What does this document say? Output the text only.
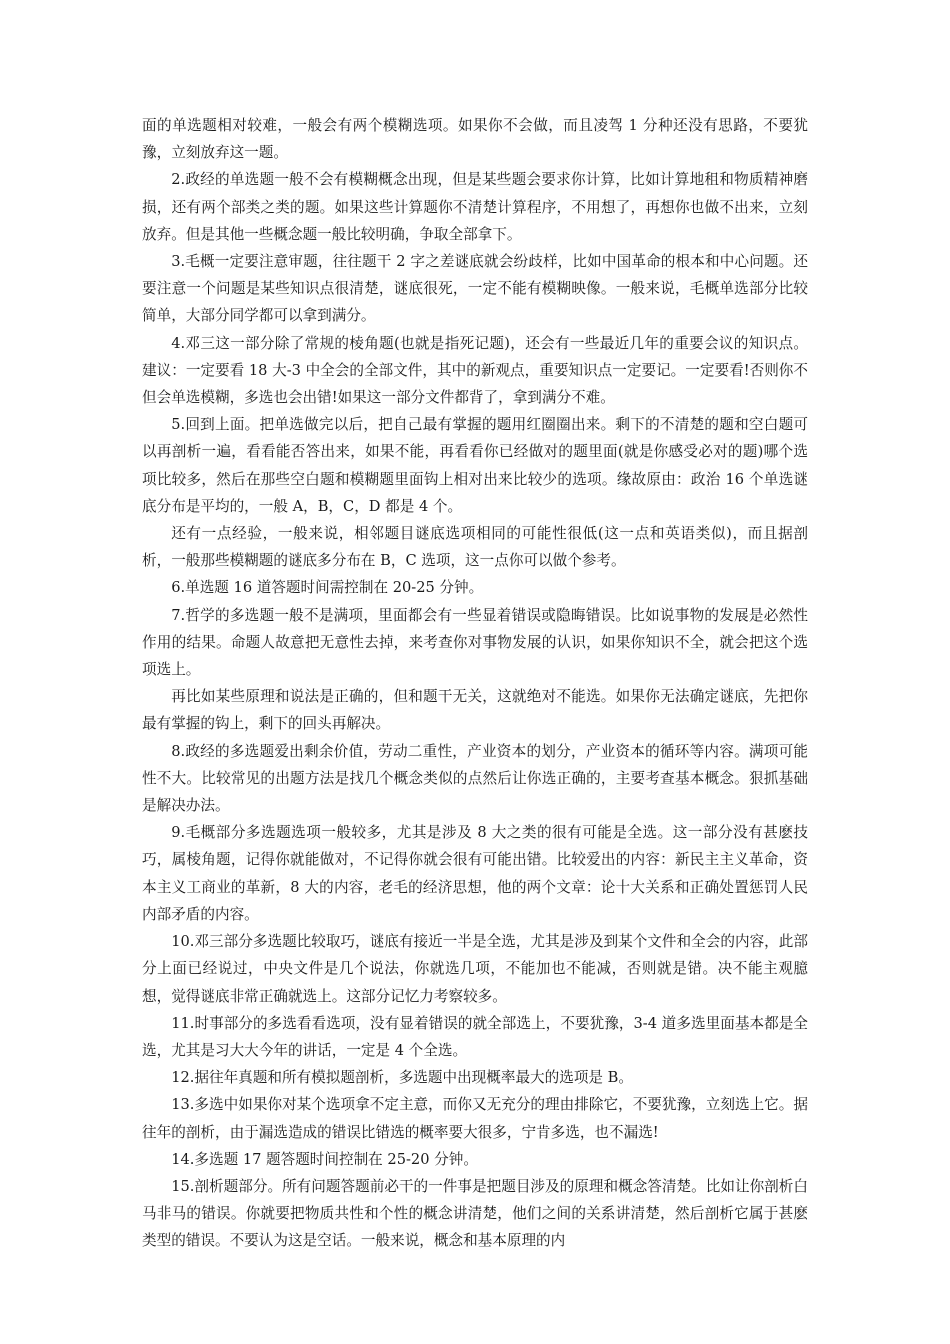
面的单选题相对较难，一般会有两个模糊选项。如果你不会做，而且凌驾 1 分种还没有思路，不要犹豫，立刻放弃这一题。

2.政经的单选题一般不会有模糊概念出现，但是某些题会要求你计算，比如计算地租和物质精神磨损，还有两个部类之类的题。如果这些计算题你不清楚计算程序，不用想了，再想你也做不出来，立刻放弃。但是其他一些概念题一般比较明确，争取全部拿下。

3.毛概一定要注意审题，往往题干 2 字之差谜底就会纷歧样，比如中国革命的根本和中心问题。还要注意一个问题是某些知识点很清楚，谜底很死，一定不能有模糊映像。一般来说，毛概单选部分比较简单，大部分同学都可以拿到满分。

4.邓三这一部分除了常规的棱角题(也就是指死记题)，还会有一些最近几年的重要会议的知识点。建议：一定要看 18 大-3 中全会的全部文件，其中的新观点，重要知识点一定要记。一定要看!否则你不但会单选模糊，多选也会出错!如果这一部分文件都背了，拿到满分不难。

5.回到上面。把单选做完以后，把自己最有掌握的题用红圈圈出来。剩下的不清楚的题和空白题可以再剖析一遍，看看能否答出来，如果不能，再看看你已经做对的题里面(就是你感受必对的题)哪个选项比较多，然后在那些空白题和模糊题里面钩上相对出来比较少的选项。缘故原由：政治 16 个单选谜底分布是平均的，一般 A，B，C，D 都是 4 个。

还有一点经验，一般来说，相邻题目谜底选项相同的可能性很低(这一点和英语类似)，而且据剖析，一般那些模糊题的谜底多分布在 B，C 选项，这一点你可以做个参考。

6.单选题 16 道答题时间需控制在 20-25 分钟。

7.哲学的多选题一般不是满项，里面都会有一些显着错误或隐晦错误。比如说事物的发展是必然性作用的结果。命题人故意把无意性去掉，来考查你对事物发展的认识，如果你知识不全，就会把这个选项选上。

再比如某些原理和说法是正确的，但和题干无关，这就绝对不能选。如果你无法确定谜底，先把你最有掌握的钩上，剩下的回头再解决。

8.政经的多选题爱出剩余价值，劳动二重性，产业资本的划分，产业资本的循环等内容。满项可能性不大。比较常见的出题方法是找几个概念类似的点然后让你选正确的，主要考查基本概念。狠抓基础是解决办法。

9.毛概部分多选题选项一般较多，尤其是涉及 8 大之类的很有可能是全选。这一部分没有甚麽技巧，属棱角题，记得你就能做对，不记得你就会很有可能出错。比较爱出的内容：新民主主义革命，资本主义工商业的革新，8 大的内容，老毛的经济思想，他的两个文章：论十大关系和正确处置惩罚人民内部矛盾的内容。

10.邓三部分多选题比较取巧，谜底有接近一半是全选，尤其是涉及到某个文件和全会的内容，此部分上面已经说过，中央文件是几个说法，你就选几项，不能加也不能减，否则就是错。决不能主观臆想，觉得谜底非常正确就选上。这部分记忆力考察较多。

11.时事部分的多选看看选项，没有显着错误的就全部选上，不要犹豫，3-4 道多选里面基本都是全选，尤其是习大大今年的讲话，一定是 4 个全选。

12.据往年真题和所有模拟题剖析，多选题中出现概率最大的选项是 B。

13.多选中如果你对某个选项拿不定主意，而你又无充分的理由排除它，不要犹豫，立刻选上它。据往年的剖析，由于漏选造成的错误比错选的概率要大很多，宁肯多选，也不漏选!

14.多选题 17 题答题时间控制在 25-20 分钟。

15.剖析题部分。所有问题答题前必干的一件事是把题目涉及的原理和概念答清楚。比如让你剖析白马非马的错误。你就要把物质共性和个性的概念讲清楚，他们之间的关系讲清楚，然后剖析它属于甚麽类型的错误。不要认为这是空话。一般来说，概念和基本原理的内
